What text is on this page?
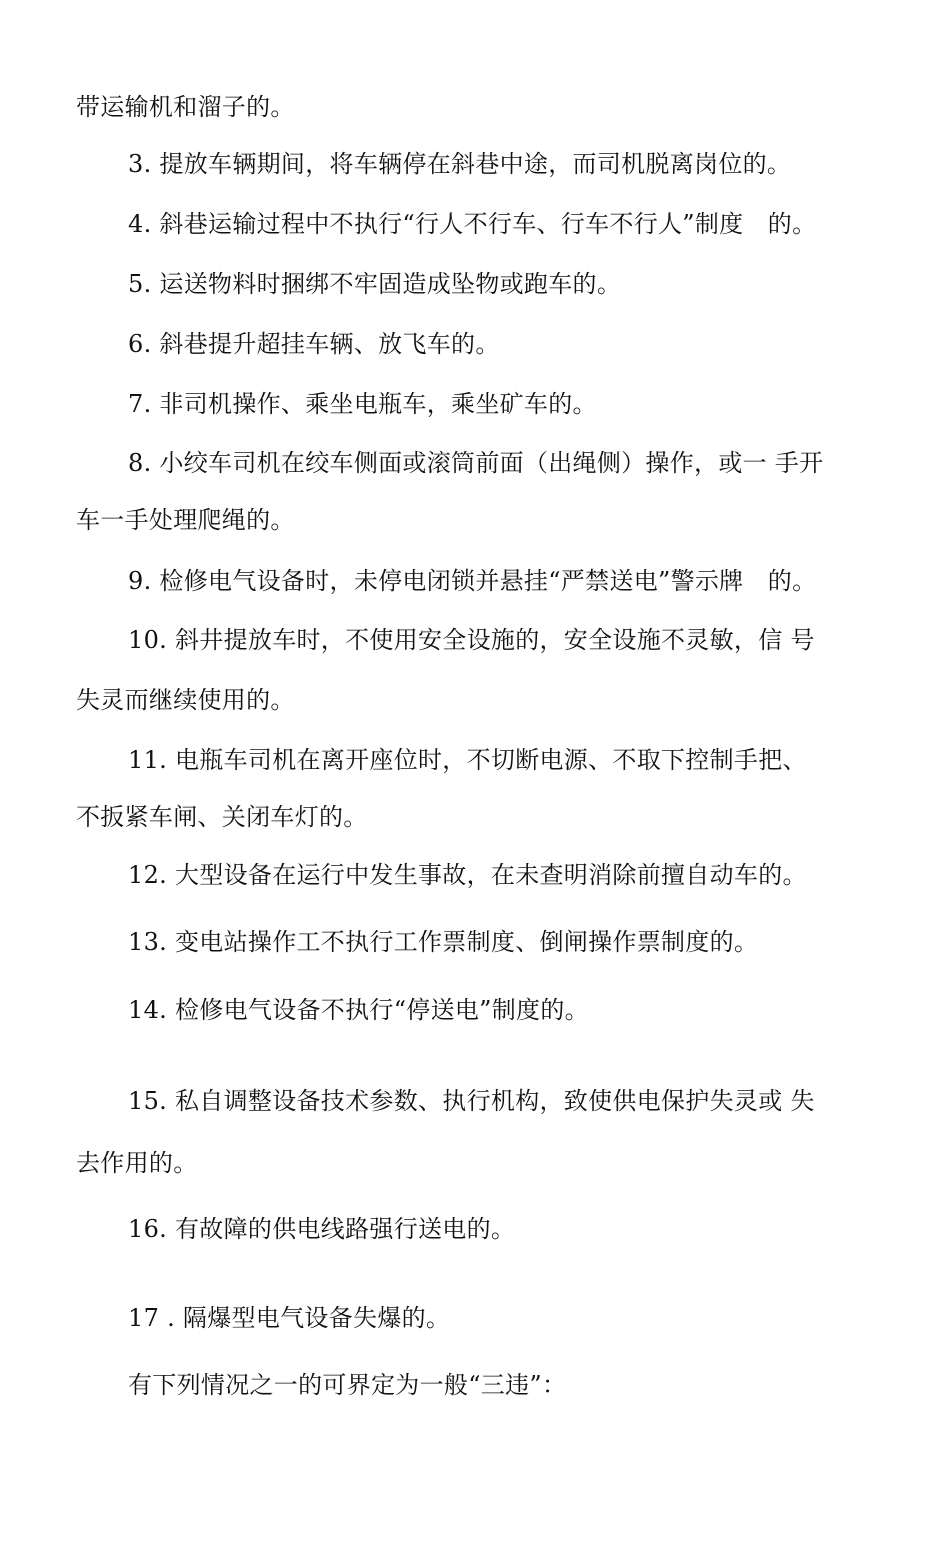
带运输机和溜子的。
3. 提放车辆期间，将车辆停在斜巷中途，而司机脱离岗位的。
4. 斜巷运输过程中不执行“行人不行车、行车不行人”制度　的。
5. 运送物料时捆绑不牢固造成坠物或跑车的。
6. 斜巷提升超挂车辆、放飞车的。
7. 非司机操作、乘坐电瓶车，乘坐矿车的。
8. 小绞车司机在绞车侧面或滚筒前面（出绳侧）操作，或一 手开
车一手处理爬绳的。
9. 检修电气设备时，未停电闭锁并悬挂“严禁送电”警示牌　的。
10. 斜井提放车时，不使用安全设施的，安全设施不灵敏，信 号
失灵而继续使用的。
11. 电瓶车司机在离开座位时，不切断电源、不取下控制手把、
不扳紧车闸、关闭车灯的。
12. 大型设备在运行中发生事故，在未查明消除前擅自动车的。
13. 变电站操作工不执行工作票制度、倒闸操作票制度的。
14. 检修电气设备不执行“停送电”制度的。
15. 私自调整设备技术参数、执行机构，致使供电保护失灵或 失
去作用的。
16. 有故障的供电线路强行送电的。
17 . 隔爆型电气设备失爆的。
有下列情况之一的可界定为一般“三违”：
